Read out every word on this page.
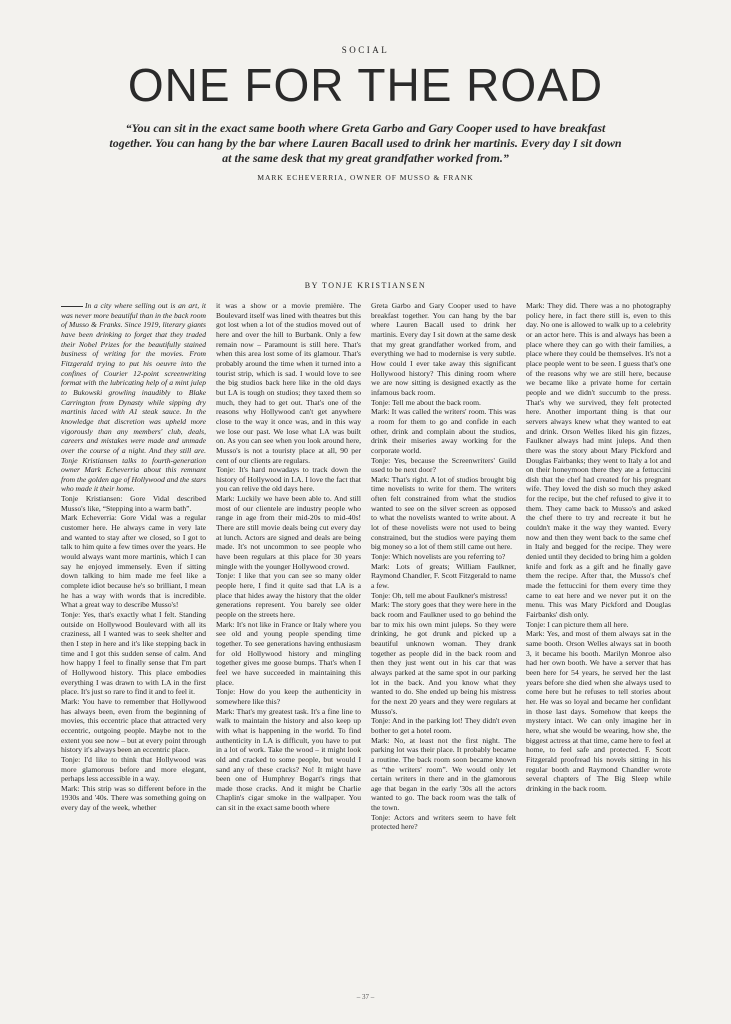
SOCIAL
ONE FOR THE ROAD
“You can sit in the exact same booth where Greta Garbo and Gary Cooper used to have breakfast together. You can hang by the bar where Lauren Bacall used to drink her martinis. Every day I sit down at the same desk that my great grandfather worked from.”
MARK ECHEVERRIA, OWNER OF MUSSO & FRANK
BY TONJE KRISTIANSEN

In a city where selling out is an art, it was never more beautiful than in the back room of Musso & Franks. Since 1919, literary giants have been drinking to forget that they traded their Nobel Prizes for the beautifully stained business of writing for the movies. From Fitzgerald trying to put his oeuvre into the confines of Courier 12-point screenwriting format with the lubricating help of a mint julep to Bukowski growling inaudibly to Blake Carrington from Dynasty while sipping dry martinis laced with A1 steak sauce. In the knowledge that discretion was upheld more vigorously than any members' club, deals, careers and mistakes were made and unmade over the course of a night. And they still are. Tonje Kristiansen talks to fourth-generation owner Mark Echeverria about this remnant from the golden age of Hollywood and the stars who made it their home.

Tonje Kristiansen: Gore Vidal described Musso's like, “Stepping into a warm bath”.

Mark Echeverria: Gore Vidal was a regular customer here. He always came in very late and wanted to stay after we closed, so I got to talk to him quite a few times over the years. He would always want more martinis, which I can say he enjoyed immensely. Even if sitting down talking to him made me feel like a complete idiot because he's so brilliant, I mean he has a way with words that is incredible. What a great way to describe Musso's!

Tonje: Yes, that's exactly what I felt. Standing outside on Hollywood Boulevard with all its craziness, all I wanted was to seek shelter and then I step in here and it's like stepping back in time and I got this sudden sense of calm. And how happy I feel to finally sense that I'm part of Hollywood history. This place embodies everything I was drawn to with LA in the first place. It's just so rare to find it and to feel it.

Mark: You have to remember that Hollywood has always been, even from the beginning of movies, this eccentric place that attracted very eccentric, outgoing people. Maybe not to the extent you see now – but at every point through history it's always been an eccentric place.

Tonje: I'd like to think that Hollywood was more glamorous before and more elegant, perhaps less accessible in a way.

Mark: This strip was so different before in the 1930s and '40s. There was something going on every day of the week, whether

it was a show or a movie première. The Boulevard itself was lined with theatres but this got lost when a lot of the studios moved out of here and over the hill to Burbank. Only a few remain now – Paramount is still here. That's when this area lost some of its glamour. That's probably around the time when it turned into a tourist strip, which is sad. I would love to see the big studios back here like in the old days but LA is tough on studios; they taxed them so much, they had to get out. That's one of the reasons why Hollywood can't get anywhere close to the way it once was, and in this way we lose our past. We lose what LA was built on. As you can see when you look around here, Musso's is not a touristy place at all, 90 per cent of our clients are regulars.

Tonje: It's hard nowadays to track down the history of Hollywood in LA. I love the fact that you can relive the old days here.

Mark: Luckily we have been able to. And still most of our clientele are industry people who range in age from their mid-20s to mid-40s! There are still movie deals being cut every day at lunch. Actors are signed and deals are being made. It's not uncommon to see people who have been regulars at this place for 30 years mingle with the younger Hollywood crowd.

Tonje: I like that you can see so many older people here, I find it quite sad that LA is a place that hides away the history that the older generations represent. You barely see older people on the streets here.

Mark: It's not like in France or Italy where you see old and young people spending time together. To see generations having enthusiasm for old Hollywood history and mingling together gives me goose bumps. That's when I feel we have succeeded in maintaining this place.

Tonje: How do you keep the authenticity in somewhere like this?

Mark: That's my greatest task. It's a fine line to walk to maintain the history and also keep up with what is happening in the world. To find authenticity in LA is difficult, you have to put in a lot of work. Take the wood – it might look old and cracked to some people, but would I sand any of these cracks? No! It might have been one of Humphrey Bogart's rings that made those cracks. And it might be Charlie Chaplin's cigar smoke in the wallpaper. You can sit in the exact same booth where

Greta Garbo and Gary Cooper used to have breakfast together. You can hang by the bar where Lauren Bacall used to drink her martinis. Every day I sit down at the same desk that my great grandfather worked from, and everything we had to modernise is very subtle. How could I ever take away this significant Hollywood history? This dining room where we are now sitting is designed exactly as the infamous back room.

Tonje: Tell me about the back room.

Mark: It was called the writers' room. This was a room for them to go and confide in each other, drink and complain about the studios, drink their miseries away working for the corporate world.

Tonje: Yes, because the Screenwriters' Guild used to be next door?

Mark: That's right. A lot of studios brought big time novelists to write for them. The writers often felt constrained from what the studios wanted to see on the silver screen as opposed to what the novelists wanted to write about. A lot of these novelists were not used to being constrained, but the studios were paying them big money so a lot of them still came out here.

Tonje: Which novelists are you referring to?

Mark: Lots of greats; William Faulkner, Raymond Chandler, F. Scott Fitzgerald to name a few.

Tonje: Oh, tell me about Faulkner's mistress!

Mark: The story goes that they were here in the back room and Faulkner used to go behind the bar to mix his own mint juleps. So they were drinking, he got drunk and picked up a beautiful unknown woman. They drank together as people did in the back room and then they just went out in his car that was always parked at the same spot in our parking lot in the back. And you know what they wanted to do. She ended up being his mistress for the next 20 years and they were regulars at Musso's.

Tonje: And in the parking lot! They didn't even bother to get a hotel room.

Mark: No, at least not the first night. The parking lot was their place. It probably became a routine. The back room soon became known as “the writers' room”. We would only let certain writers in there and in the glamorous age that began in the early '30s all the actors wanted to go. The back room was the talk of the town.

Tonje: Actors and writers seem to have felt protected here?

Mark: They did. There was a no photography policy here, in fact there still is, even to this day. No one is allowed to walk up to a celebrity or an actor here. This is and always has been a place where they can go with their families, a place where they could be themselves. It's not a place people went to be seen. I guess that's one of the reasons why we are still here, because we became like a private home for certain people and we didn't succumb to the press. That's why we survived, they felt protected here. Another important thing is that our servers always knew what they wanted to eat and drink. Orson Welles liked his gin fizzes, Faulkner always had mint juleps. And then there was the story about Mary Pickford and Douglas Fairbanks; they went to Italy a lot and on their honeymoon there they ate a fettuccini dish that the chef had created for his pregnant wife. They loved the dish so much they asked for the recipe, but the chef refused to give it to them. They came back to Musso's and asked the chef there to try and recreate it but he couldn't make it the way they wanted. Every now and then they went back to the same chef in Italy and begged for the recipe. They were denied until they decided to bring him a golden knife and fork as a gift and he finally gave them the recipe. After that, the Musso's chef made the fettuccini for them every time they came to eat here and we never put it on the menu. This was Mary Pickford and Douglas Fairbanks' dish only.

Tonje: I can picture them all here.

Mark: Yes, and most of them always sat in the same booth. Orson Welles always sat in booth 3, it became his booth. Marilyn Monroe also had her own booth. We have a server that has been here for 54 years, he served her the last years before she died when she always used to come here but he refuses to tell stories about her. He was so loyal and became her confidant in those last days. Somehow that keeps the mystery intact. We can only imagine her in here, what she would be wearing, how she, the biggest actress at that time, came here to feel at home, to feel safe and protected. F. Scott Fitzgerald proofread his novels sitting in his regular booth and Raymond Chandler wrote several chapters of The Big Sleep while drinking in the back room.

– 37 –
